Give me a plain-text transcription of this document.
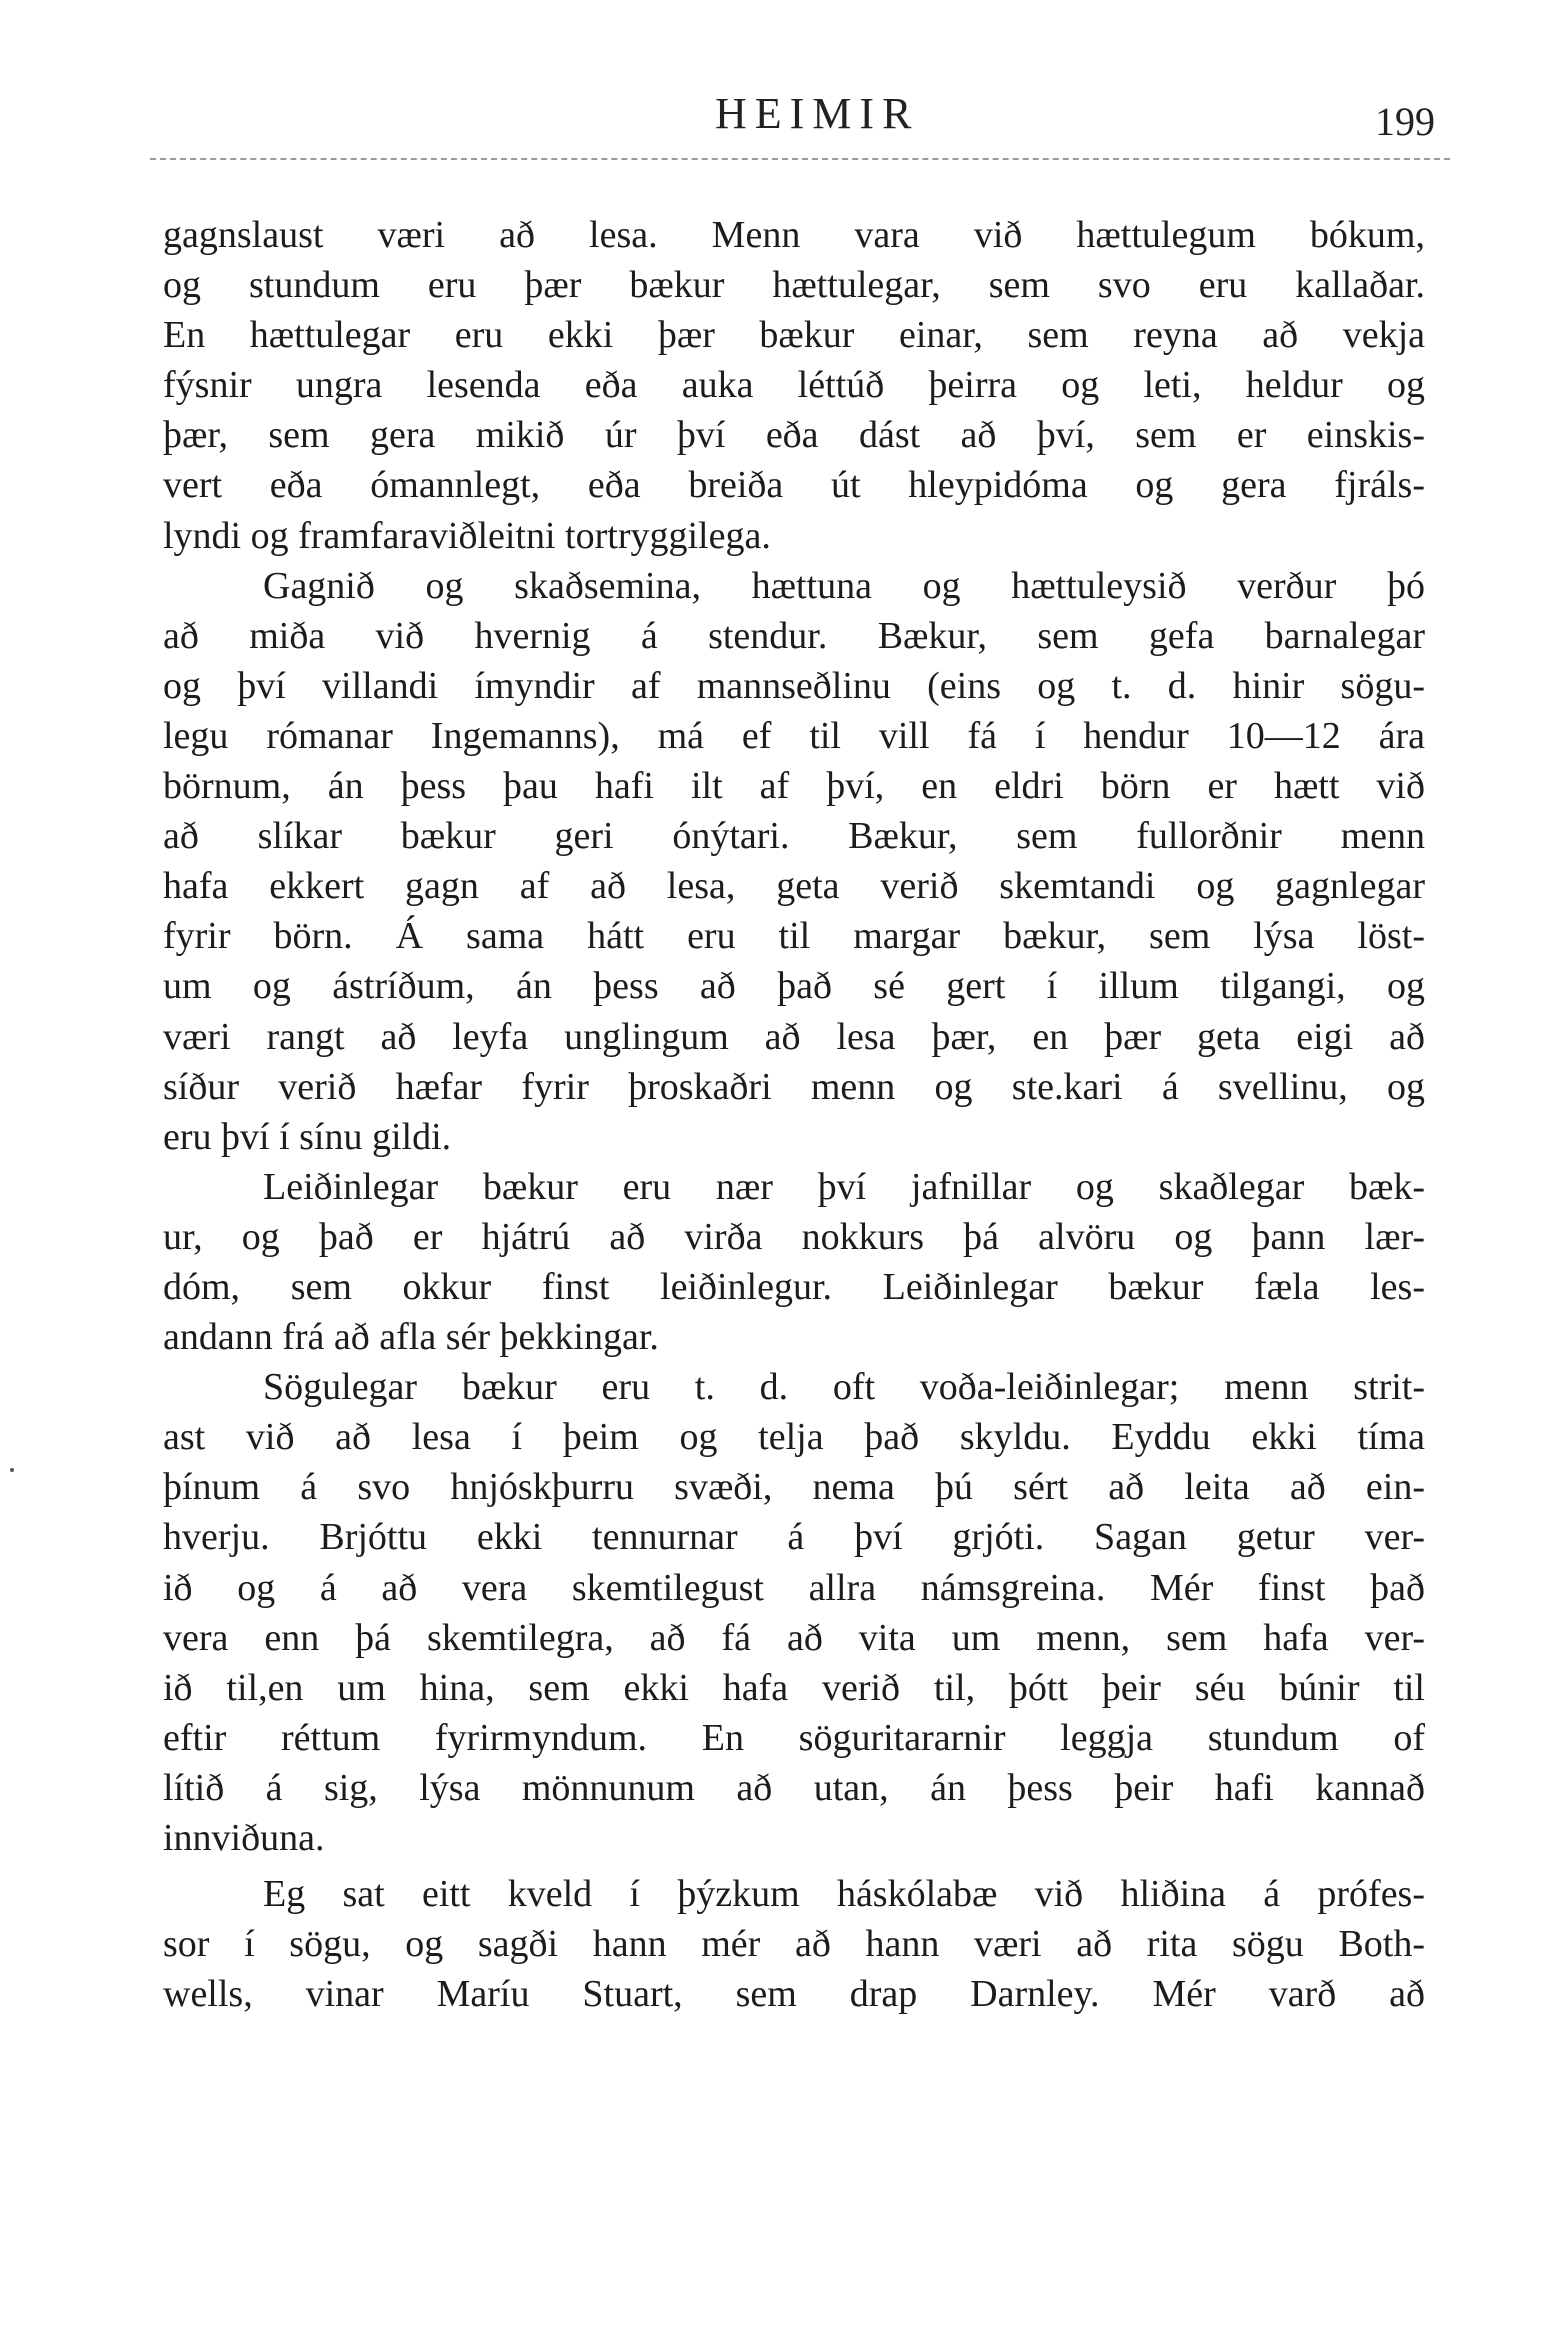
HEIMIR	199
gagnslaust væri að lesa. Menn vara við hættulegum bókum,
og stundum eru þær bækur hættulegar, sem svo eru kallaðar.
En hættulegar eru ekki þær bækur einar, sem reyna að vekja
fýsnir ungra lesenda eða auka léttúð þeirra og leti, heldur og
þær, sem gera mikið úr því eða dást að því, sem er einskis-
vert eða ómannlegt, eða breiða út hleypidóma og gera fjráls-
lyndi og framfaraviðleitni tortryggilega.
Gagnið og skaðsemina, hættuna og hættuleysið verður þó
að miða við hvernig á stendur. Bækur, sem gefa barnalegar
og því villandi ímyndir af mannseðlinu (eins og t. d. hinir sögu-
legu rómanar Ingemanns), má ef til vill fá í hendur 10—12 ára
börnum, án þess þau hafi ilt af því, en eldri börn er hætt við
að slíkar bækur geri ónýtari. Bækur, sem fullorðnir menn
hafa ekkert gagn af að lesa, geta verið skemtandi og gagnlegar
fyrir börn. Á sama hátt eru til margar bækur, sem lýsa löst-
um og ástríðum, án þess að það sé gert í illum tilgangi, og
væri rangt að leyfa unglingum að lesa þær, en þær geta eigi að
síður verið hæfar fyrir þroskaðri menn og ste.kari á svellinu, og
eru því í sínu gildi.
Leiðinlegar bækur eru nær því jafnillar og skaðlegar bæk-
ur, og það er hjátrú að virða nokkurs þá alvöru og þann lær-
dóm, sem okkur finst leiðinlegur. Leiðinlegar bækur fæla les-
andann frá að afla sér þekkingar.
Sögulegar bækur eru t. d. oft voða-leiðinlegar; menn strit-
ast við að lesa í þeim og telja það skyldu. Eyddu ekki tíma
þínum á svo hnjóskþurru svæði, nema þú sért að leita að ein-
hverju. Brjóttu ekki tennurnar á því grjóti. Sagan getur ver-
ið og á að vera skemtilegust allra námsgreina. Mér finst það
vera enn þá skemtilegra, að fá að vita um menn, sem hafa ver-
ið til,en um hina, sem ekki hafa verið til, þótt þeir séu búnir til
eftir réttum fyrirmyndum. En söguritararnir leggja stundum of
lítið á sig, lýsa mönnunum að utan, án þess þeir hafi kannað
innviðuna.
Eg sat eitt kveld í þýzkum háskólabæ við hliðina á prófes-
sor í sögu, og sagði hann mér að hann væri að rita sögu Both-
wells, vinar Maríu Stuart, sem drap Darnley. Mér varð að
